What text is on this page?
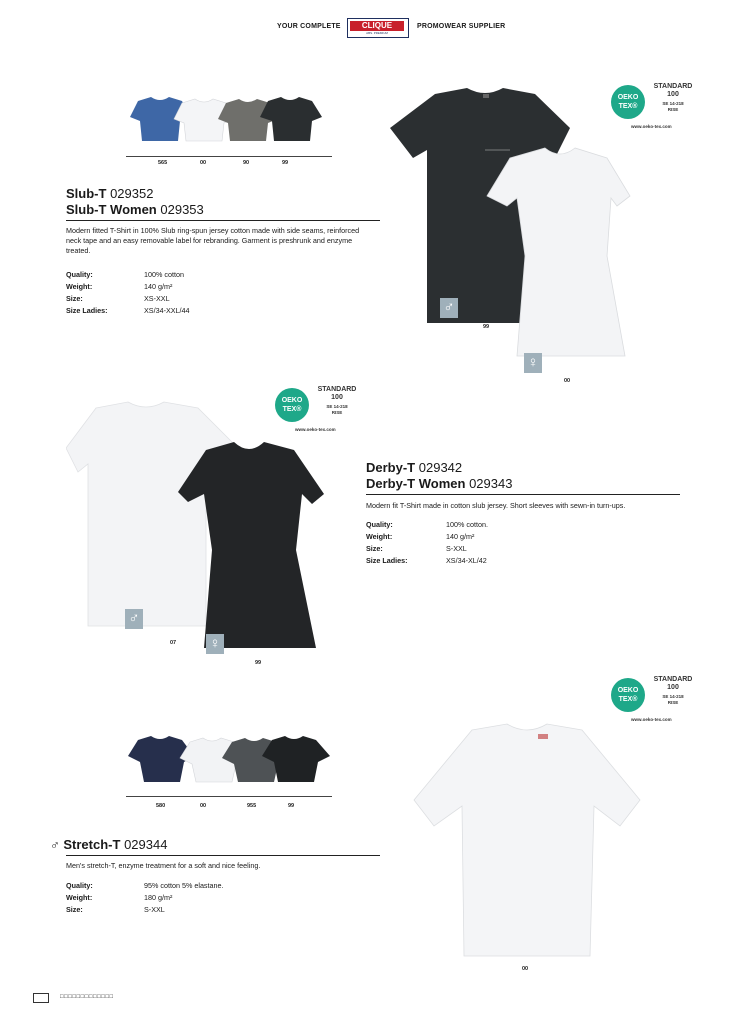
YOUR COMPLETE	CLIQUE
ABS. PREMIUM
PROMOWEAR SUPPLIER
565	00	90	99
Slub-T 029352
Slub-T Women 029353
Modern fitted T-Shirt in 100% Slub ring-spun jersey cotton made with side seams, reinforced neck tape and an easy removable label for rebranding. Garment is preshrunk and enzyme treated.
Quality:	100% cotton
Weight:	140 g/m²
Size:	XS-XXL
Size Ladies:	XS/34-XXL/44	♂
99
♀
00
OEKO TEX®
STANDARD
100
SE 14-218
RISE
www.oeko-tex.com
♂
07 ♀
99
OEKO TEX®
STANDARD
100
SE 14-218
RISE
www.oeko-tex.com
Derby-T 029342
Derby-T Women 029343
Modern fit T-Shirt made in cotton slub jersey. Short sleeves with sewn-in turn-ups.
Quality:	100% cotton.
Weight:	140 g/m²
Size:	S-XXL
Size Ladies:	XS/34-XL/42
OEKO TEX®
STANDARD
100
SE 14-218
RISE
www.oeko-tex.com
580	00	955	99
♂ Stretch-T 029344
Men's stretch-T, enzyme treatment for a soft and nice feeling.
Quality:	95% cotton 5% elastane.
Weight:	180 g/m²
Size:	S-XXL
00
□□□□□□□□□□□□□
